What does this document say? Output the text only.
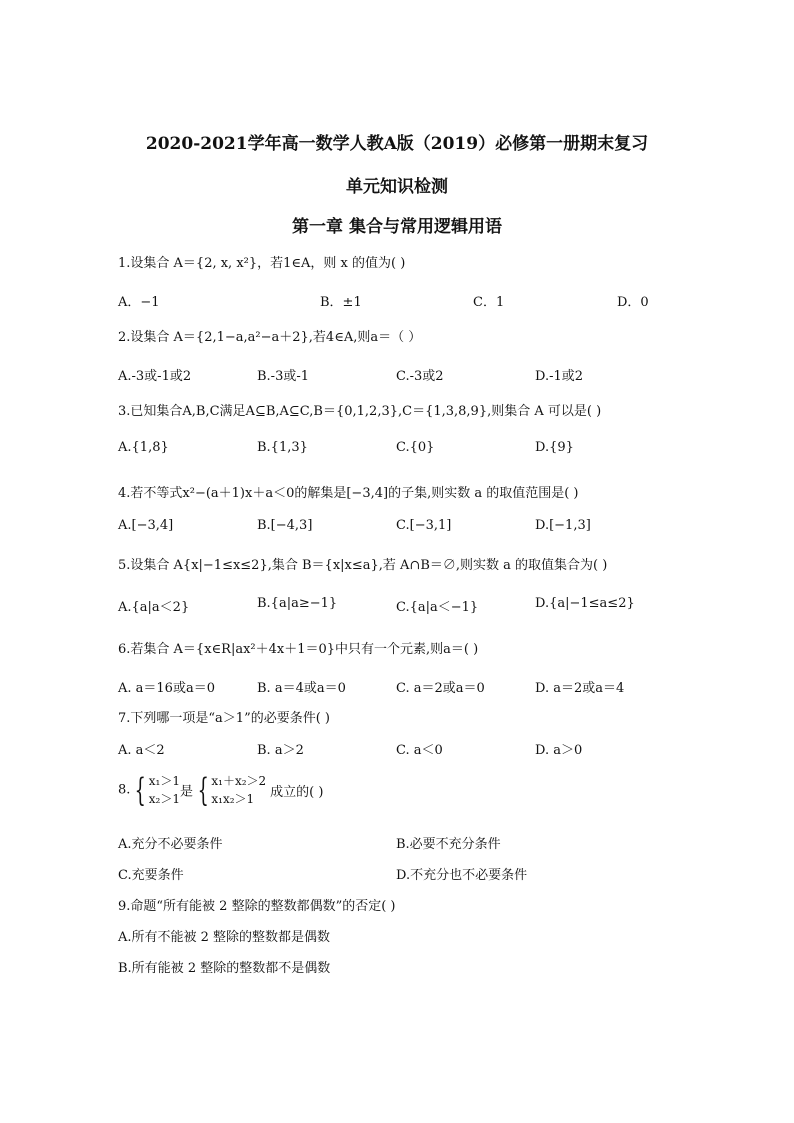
2020-2021学年高一数学人教A版（2019）必修第一册期末复习
单元知识检测
第一章 集合与常用逻辑用语
1.设集合 A＝{2, x, x²}，若1∈A，则 x 的值为( )
A．−1	B．±1	C．1	D．0
2.设集合 A＝{2,1−a,a²−a＋2},若4∈A,则a＝（ ）
A.-3或-1或2	B.-3或-1	C.-3或2	D.-1或2
3.已知集合A,B,C满足A⊆B,A⊆C,B＝{0,1,2,3},C＝{1,3,8,9},则集合 A 可以是( )
A.{1,8}	B.{1,3}	C.{0}	D.{9}
4.若不等式x²−(a＋1)x＋a＜0的解集是[−3,4]的子集,则实数 a 的取值范围是( )
A.[−3,4]	B.[−4,3]	C.[−3,1]	D.[−1,3]
5.设集合 A{x|−1≤x≤2},集合 B＝{x|x≤a},若 A∩B＝∅,则实数 a 的取值集合为( )
A.{a|a＜2}	B.{a|a≥−1}	C.{a|a＜−1}	D.{a|−1≤a≤2}
6.若集合 A＝{x∈R|ax²＋4x＋1＝0}中只有一个元素,则a＝( )
A. a＝16或a＝0	B. a＝4或a＝0	C. a＝2或a＝0	D. a＝2或a＝4
7.下列哪一项是“a＞1”的必要条件( )
A. a＜2	B. a＞2	C. a＜0	D. a＞0
8. { x₁＞1
x₂＞1是 { x₁＋x₂＞2
x₁x₂＞1 成立的( )
A.充分不必要条件	B.必要不充分条件
C.充要条件	D.不充分也不必要条件
9.命题“所有能被 2 整除的整数都偶数”的否定( )
A.所有不能被 2 整除的整数都是偶数
B.所有能被 2 整除的整数都不是偶数
